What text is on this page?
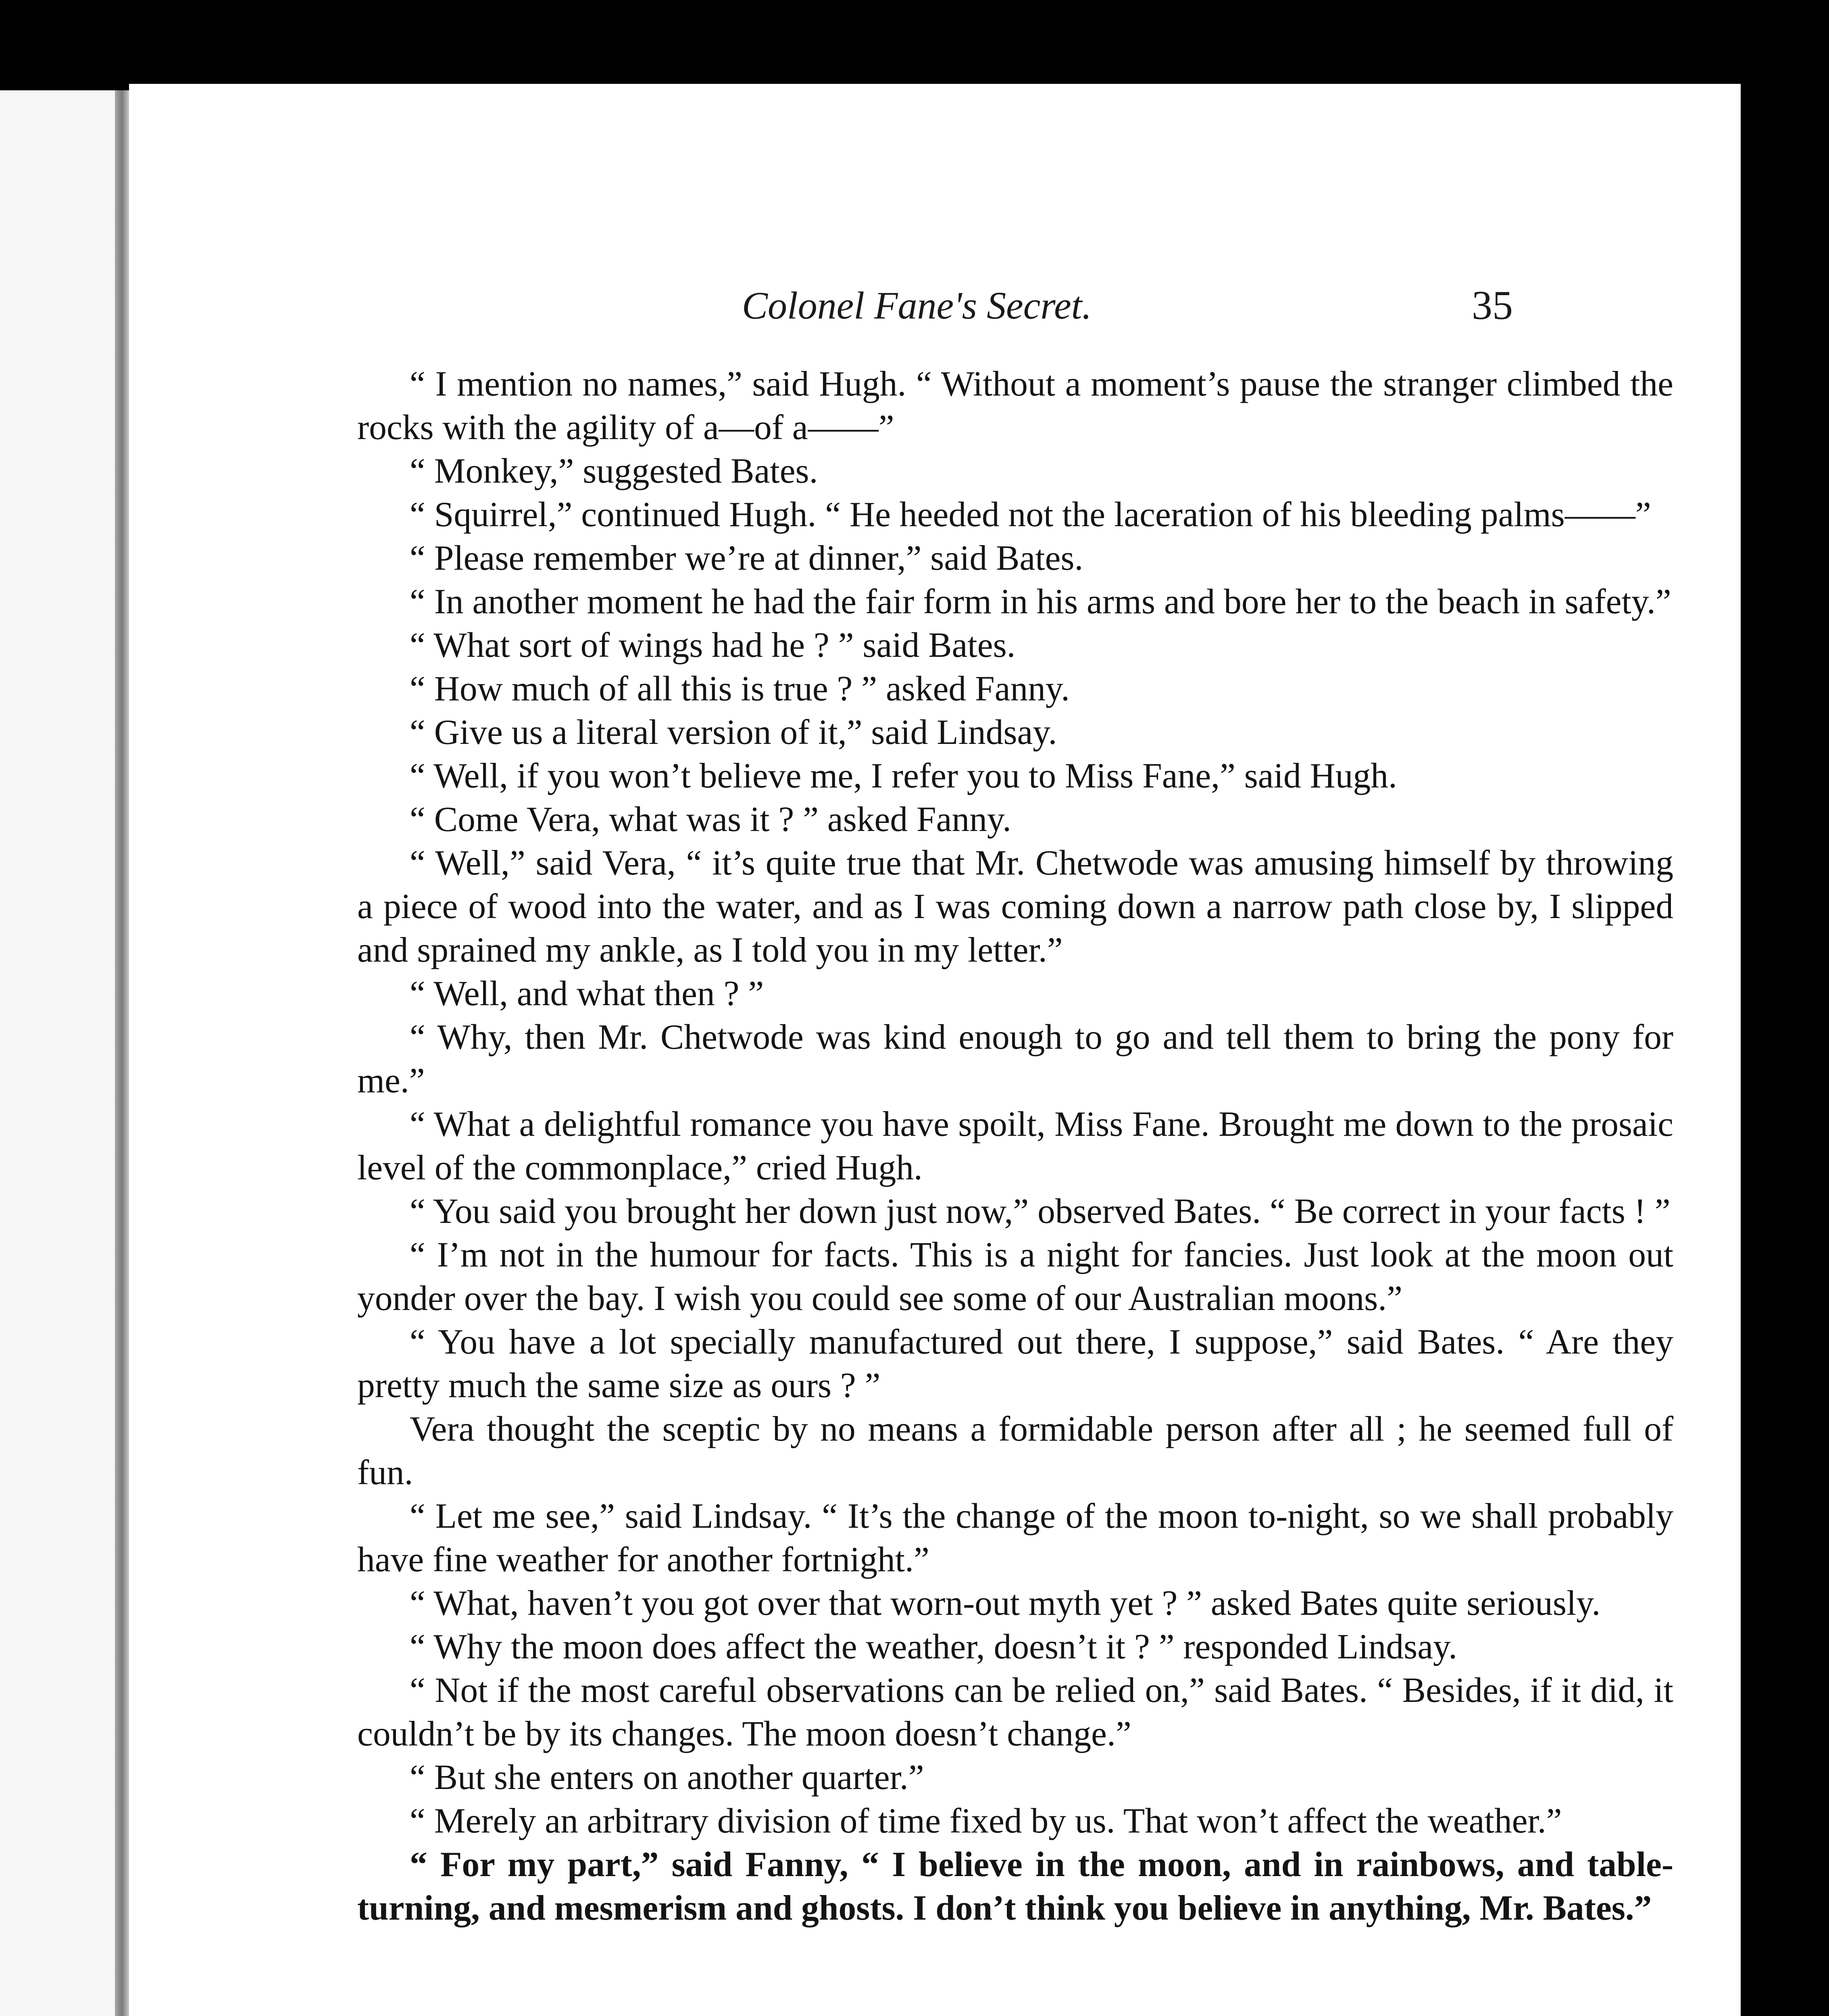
Colonel Fane's Secret.	35

“ I mention no names,” said Hugh. “ Without a moment’s pause the stranger climbed the rocks with the agility of a—of a——”

“ Monkey,” suggested Bates.

“ Squirrel,” continued Hugh. “ He heeded not the laceration of his bleeding palms——”

“ Please remember we’re at dinner,” said Bates.

“ In another moment he had the fair form in his arms and bore her to the beach in safety.”

“ What sort of wings had he ? ” said Bates.

“ How much of all this is true ? ” asked Fanny.

“ Give us a literal version of it,” said Lindsay.

“ Well, if you won’t believe me, I refer you to Miss Fane,” said Hugh.

“ Come Vera, what was it ? ” asked Fanny.

“ Well,” said Vera, “ it’s quite true that Mr. Chetwode was amusing himself by throwing a piece of wood into the water, and as I was coming down a narrow path close by, I slipped and sprained my ankle, as I told you in my letter.”

“ Well, and what then ? ”

“ Why, then Mr. Chetwode was kind enough to go and tell them to bring the pony for me.”

“ What a delightful romance you have spoilt, Miss Fane. Brought me down to the prosaic level of the commonplace,” cried Hugh.

“ You said you brought her down just now,” observed Bates. “ Be correct in your facts ! ”

“ I’m not in the humour for facts. This is a night for fancies. Just look at the moon out yonder over the bay. I wish you could see some of our Australian moons.”

“ You have a lot specially manufactured out there, I suppose,” said Bates. “ Are they pretty much the same size as ours ? ”

Vera thought the sceptic by no means a formidable person after all ; he seemed full of fun.

“ Let me see,” said Lindsay. “ It’s the change of the moon to-night, so we shall probably have fine weather for another fortnight.”

“ What, haven’t you got over that worn-out myth yet ? ” asked Bates quite seriously.

“ Why the moon does affect the weather, doesn’t it ? ” responded Lindsay.

“ Not if the most careful observations can be relied on,” said Bates. “ Besides, if it did, it couldn’t be by its changes. The moon doesn’t change.”

“ But she enters on another quarter.”

“ Merely an arbitrary division of time fixed by us. That won’t affect the weather.”

“ For my part,” said Fanny, “ I believe in the moon, and in rainbows, and table-turning, and mesmerism and ghosts. I don’t think you believe in anything, Mr. Bates.”
